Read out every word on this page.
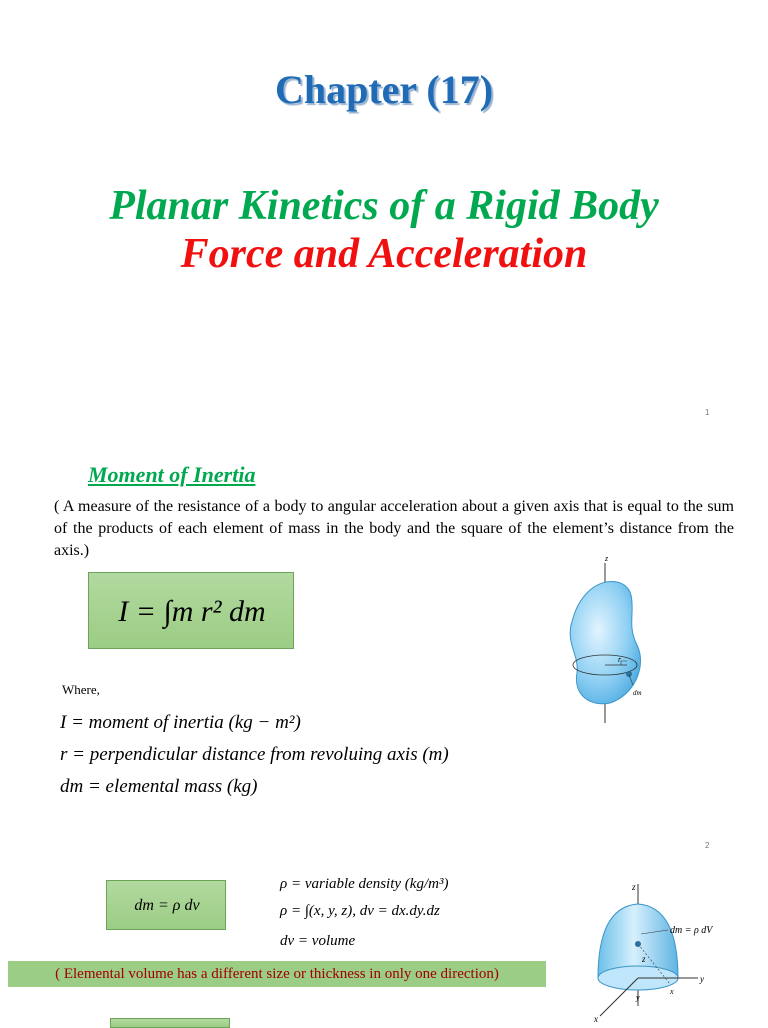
Chapter (17)
Planar Kinetics of a Rigid Body
Force and Acceleration
1
Moment of Inertia
( A measure of the resistance of a body to angular acceleration about a given axis that is equal to the sum of the products of each element of mass in the body and the square of the element’s distance from the axis.)
I = ∫m r² dm
z
r
dm
Where,
I = moment of inertia (kg − m²)
r = perpendicular distance from revoluing axis (m)
dm = elemental mass (kg)
2
dm = ρ dv
ρ = variable density (kg/m³)
ρ = ∫(x, y, z), dv = dx.dy.dz
dv = volume
( Elemental volume has a different size or thickness in only one direction)
z
dm = ρ dV
z
y
x
x
y
